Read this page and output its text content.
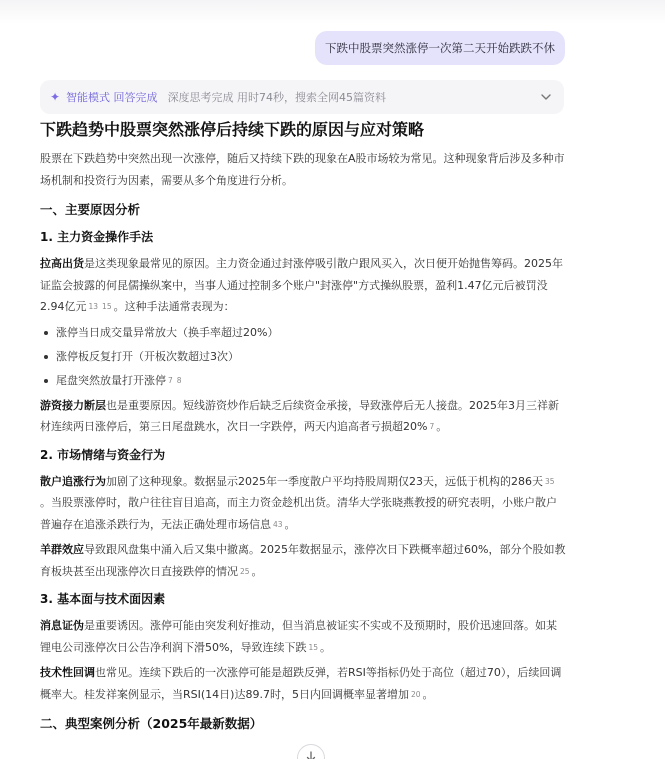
下跌中股票突然涨停一次第二天开始跌跌不休
✦ 智能模式 回答完成 深度思考完成 用时74秒，搜索全网45篇资料
下跌趋势中股票突然涨停后持续下跌的原因与应对策略

股票在下跌趋势中突然出现一次涨停，随后又持续下跌的现象在A股市场较为常见。这种现象背后涉及多种市场机制和投资行为因素，需要从多个角度进行分析。

一、主要原因分析
1. 主力资金操作手法

拉高出货是这类现象最常见的原因。主力资金通过封涨停吸引散户跟风买入，次日便开始抛售筹码。2025年证监会披露的何昆儒操纵案中，当事人通过控制多个账户"封涨停"方式操纵股票，盈利1.47亿元后被罚没2.94亿元 13 15 。这种手法通常表现为：

涨停当日成交量异常放大（换手率超过20%）
涨停板反复打开（开板次数超过3次）
尾盘突然放量打开涨停 7 8

游资接力断层也是重要原因。短线游资炒作后缺乏后续资金承接，导致涨停后无人接盘。2025年3月三祥新材连续两日涨停后，第三日尾盘跳水，次日一字跌停，两天内追高者亏损超20% 7 。

2. 市场情绪与资金行为

散户追涨行为加剧了这种现象。数据显示2025年一季度散户平均持股周期仅23天，远低于机构的286天 35。当股票涨停时，散户往往盲目追高，而主力资金趁机出货。清华大学张晓燕教授的研究表明，小账户散户普遍存在追涨杀跌行为，无法正确处理市场信息 43 。

羊群效应导致跟风盘集中涌入后又集中撤离。2025年数据显示，涨停次日下跌概率超过60%，部分个股如教育板块甚至出现涨停次日直接跌停的情况 25 。

3. 基本面与技术面因素

消息证伪是重要诱因。涨停可能由突发利好推动，但当消息被证实不实或不及预期时，股价迅速回落。如某锂电公司涨停次日公告净利润下滑50%，导致连续下跌 15 。

技术性回调也常见。连续下跌后的一次涨停可能是超跌反弹，若RSI等指标仍处于高位（超过70），后续回调概率大。桂发祥案例显示，当RSI(14日)达89.7时，5日内回调概率显著增加 20 。

二、典型案例分析（2025年最新数据）
